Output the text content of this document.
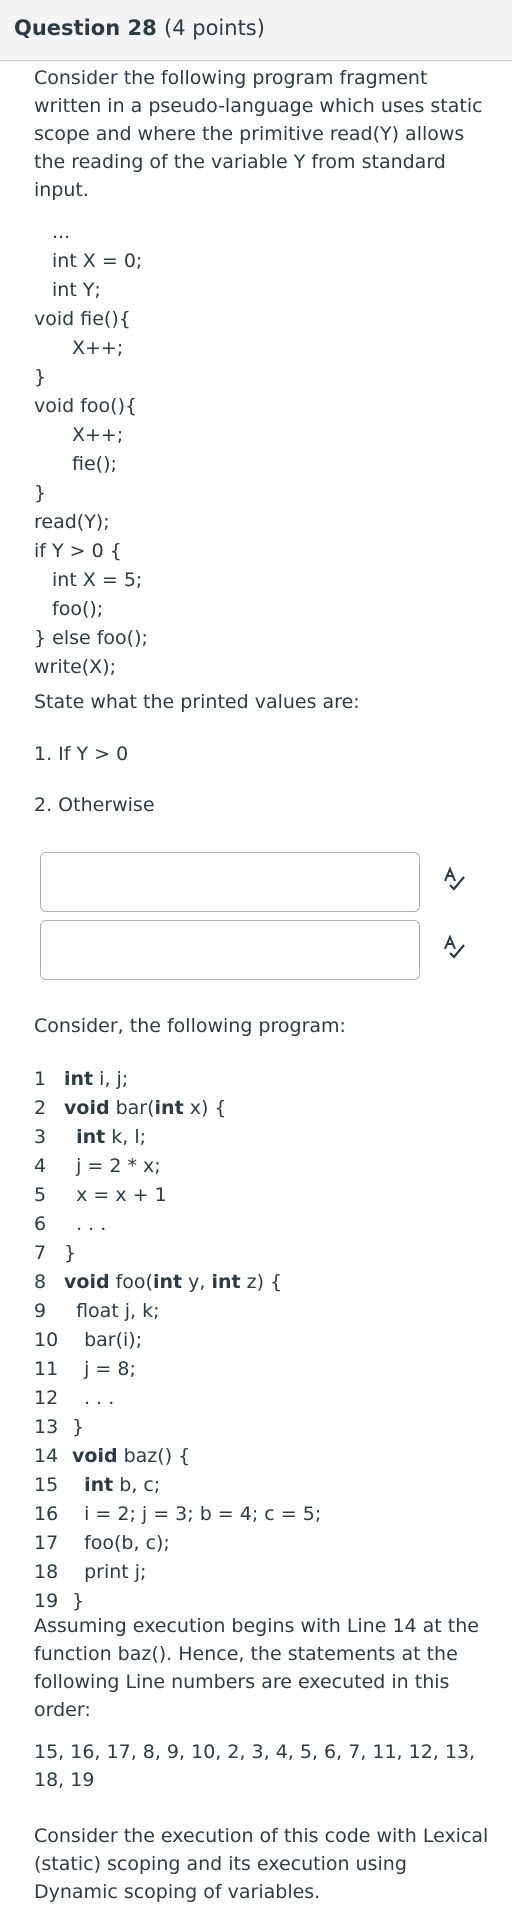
Question 28 (4 points)
Consider the following program fragment written in a pseudo-language which uses static scope and where the primitive read(Y) allows the reading of the variable Y from standard input.
...
int X = 0;
int Y;
void fie(){
X++;
}
void foo(){
X++;
fie();
}
read(Y);
if Y > 0 {
int X = 5;
foo();
} else foo();
write(X);
State what the printed values are:
1. If Y > 0
2. Otherwise
Consider, the following program:
1 int i, j;
2 void bar(int x) {
3 int k, l;
4  j = 2 * x;
5  x = x + 1
6  . . .
7 }
8 void foo(int y, int z) {
9  float j, k;
10  bar(i);
11  j = 8;
12  . . .
13 }
14 void baz() {
15 int b, c;
16  i = 2; j = 3; b = 4; c = 5;
17  foo(b, c);
18  print j;
19 }
Assuming execution begins with Line 14 at the function baz(). Hence, the statements at the following Line numbers are executed in this order:
15, 16, 17, 8, 9, 10, 2, 3, 4, 5, 6, 7, 11, 12, 13, 18, 19
Consider the execution of this code with Lexical (static) scoping and its execution using Dynamic scoping of variables.
